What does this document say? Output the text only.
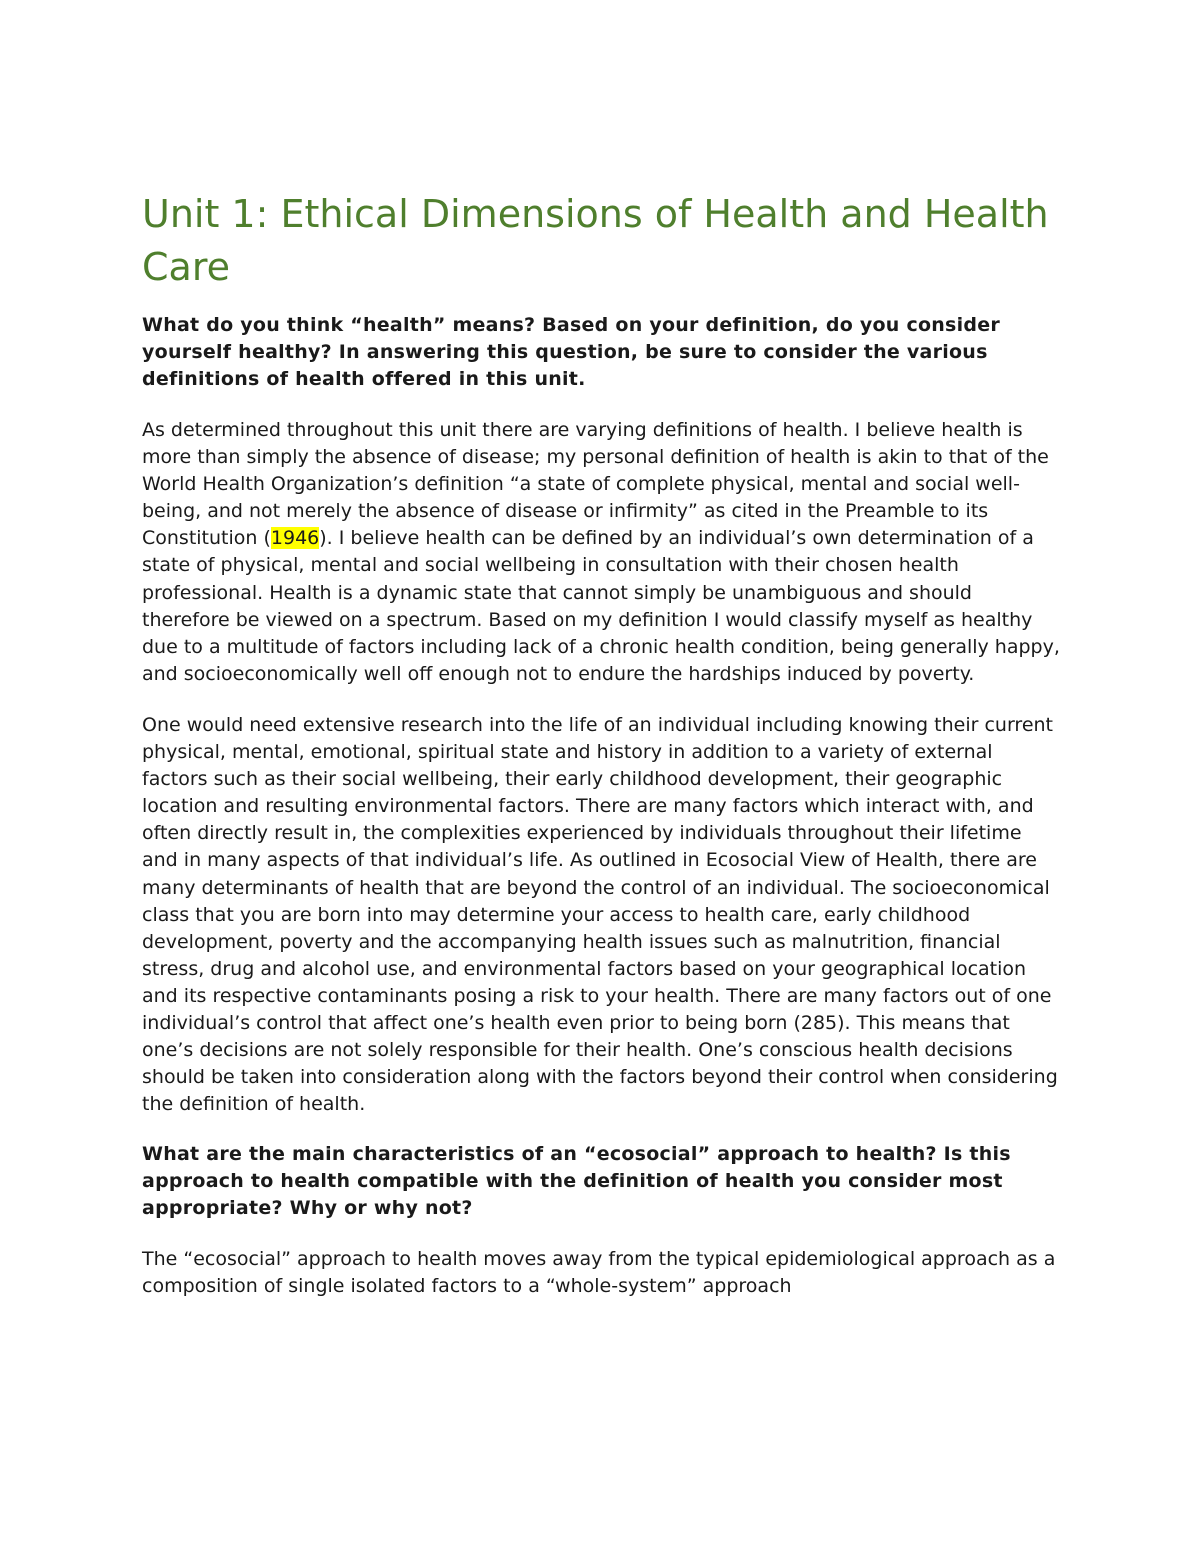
Unit 1: Ethical Dimensions of Health and Health Care

What do you think “health” means? Based on your definition, do you consider yourself healthy? In answering this question, be sure to consider the various definitions of health offered in this unit.

As determined throughout this unit there are varying definitions of health. I believe health is more than simply the absence of disease; my personal definition of health is akin to that of the World Health Organization’s definition “a state of complete physical, mental and social well-being, and not merely the absence of disease or infirmity” as cited in the Preamble to its Constitution (1946). I believe health can be defined by an individual’s own determination of a state of physical, mental and social wellbeing in consultation with their chosen health professional. Health is a dynamic state that cannot simply be unambiguous and should therefore be viewed on a spectrum. Based on my definition I would classify myself as healthy due to a multitude of factors including lack of a chronic health condition, being generally happy, and socioeconomically well off enough not to endure the hardships induced by poverty.

One would need extensive research into the life of an individual including knowing their current physical, mental, emotional, spiritual state and history in addition to a variety of external factors such as their social wellbeing, their early childhood development, their geographic location and resulting environmental factors. There are many factors which interact with, and often directly result in, the complexities experienced by individuals throughout their lifetime and in many aspects of that individual’s life. As outlined in Ecosocial View of Health, there are many determinants of health that are beyond the control of an individual. The socioeconomical class that you are born into may determine your access to health care, early childhood development, poverty and the accompanying health issues such as malnutrition, financial stress, drug and alcohol use, and environmental factors based on your geographical location and its respective contaminants posing a risk to your health. There are many factors out of one individual’s control that affect one’s health even prior to being born (285). This means that one’s decisions are not solely responsible for their health. One’s conscious health decisions should be taken into consideration along with the factors beyond their control when considering the definition of health.

What are the main characteristics of an “ecosocial” approach to health? Is this approach to health compatible with the definition of health you consider most appropriate? Why or why not?

The “ecosocial” approach to health moves away from the typical epidemiological approach as a composition of single isolated factors to a “whole-system” approach
